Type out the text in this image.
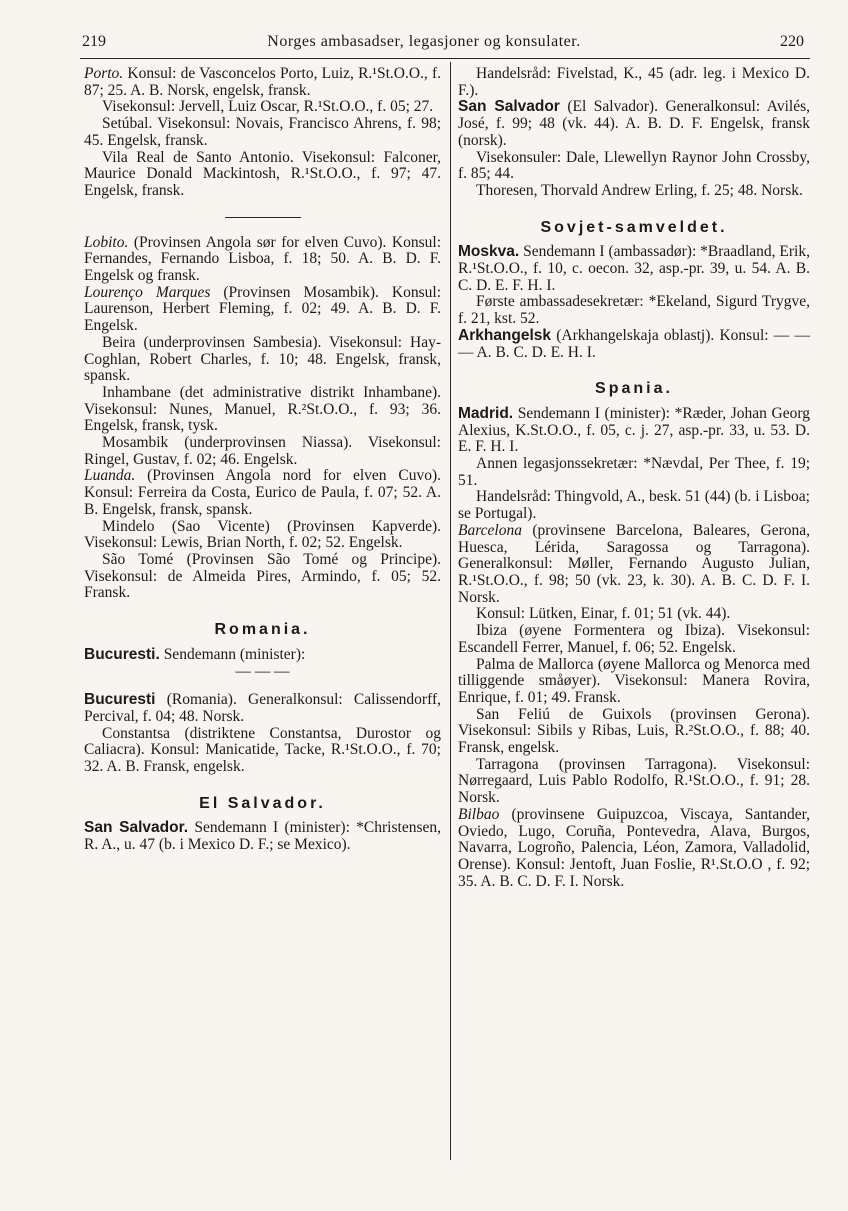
219	Norges ambasadser, legasjoner og konsulater.	220

Porto. Konsul: de Vasconcelos Porto, Luiz, R.¹St.O.O., f. 87; 25. A. B. Norsk, engelsk, fransk.

Visekonsul: Jervell, Luiz Oscar, R.¹St.O.O., f. 05; 27.

Setúbal. Visekonsul: Novais, Francisco Ahrens, f. 98; 45. Engelsk, fransk.

Vila Real de Santo Antonio. Visekonsul: Falconer, Maurice Donald Mackintosh, R.¹St.O.O., f. 97; 47. Engelsk, fransk.

Lobito. (Provinsen Angola sør for elven Cuvo). Konsul: Fernandes, Fernando Lisboa, f. 18; 50. A. B. D. F. Engelsk og fransk.

Lourenço Marques (Provinsen Mosambik). Konsul: Laurenson, Herbert Fleming, f. 02; 49. A. B. D. F. Engelsk.

Beira (underprovinsen Sambesia). Visekonsul: Hay-Coghlan, Robert Charles, f. 10; 48. Engelsk, fransk, spansk.

Inhambane (det administrative distrikt Inhambane). Visekonsul: Nunes, Manuel, R.²St.O.O., f. 93; 36. Engelsk, fransk, tysk.

Mosambik (underprovinsen Niassa). Visekonsul: Ringel, Gustav, f. 02; 46. Engelsk.

Luanda. (Provinsen Angola nord for elven Cuvo). Konsul: Ferreira da Costa, Eurico de Paula, f. 07; 52. A. B. Engelsk, fransk, spansk.

Mindelo (Sao Vicente) (Provinsen Kapverde). Visekonsul: Lewis, Brian North, f. 02; 52. Engelsk.

São Tomé (Provinsen São Tomé og Principe). Visekonsul: de Almeida Pires, Armindo, f. 05; 52. Fransk.

Romania.

Bucuresti. Sendemann (minister):

— — —

Bucuresti (Romania). Generalkonsul: Calissendorff, Percival, f. 04; 48. Norsk.

Constantsa (distriktene Constantsa, Durostor og Caliacra). Konsul: Manicatide, Tacke, R.¹St.O.O., f. 70; 32. A. B. Fransk, engelsk.

El Salvador.

San Salvador. Sendemann I (minister): *Christensen, R. A., u. 47 (b. i Mexico D. F.; se Mexico).

Handelsråd: Fivelstad, K., 45 (adr. leg. i Mexico D. F.).

San Salvador (El Salvador). Generalkonsul: Avilés, José, f. 99; 48 (vk. 44). A. B. D. F. Engelsk, fransk (norsk).

Visekonsuler: Dale, Llewellyn Raynor John Crossby, f. 85; 44.

Thoresen, Thorvald Andrew Erling, f. 25; 48. Norsk.

Sovjet-samveldet.

Moskva. Sendemann I (ambassadør): *Braadland, Erik, R.¹St.O.O., f. 10, c. oecon. 32, asp.-pr. 39, u. 54. A. B. C. D. E. F. H. I.

Første ambassadesekretær: *Ekeland, Sigurd Trygve, f. 21, kst. 52.

Arkhangelsk (Arkhangelskaja oblastj). Konsul: — — — A. B. C. D. E. H. I.

Spania.

Madrid. Sendemann I (minister): *Ræder, Johan Georg Alexius, K.St.O.O., f. 05, c. j. 27, asp.-pr. 33, u. 53. D. E. F. H. I.

Annen legasjonssekretær: *Nævdal, Per Thee, f. 19; 51.

Handelsråd: Thingvold, A., besk. 51 (44) (b. i Lisboa; se Portugal).

Barcelona (provinsene Barcelona, Baleares, Gerona, Huesca, Lérida, Saragossa og Tarragona). Generalkonsul: Møller, Fernando Augusto Julian, R.¹St.O.O., f. 98; 50 (vk. 23, k. 30). A. B. C. D. F. I. Norsk.

Konsul: Lütken, Einar, f. 01; 51 (vk. 44).

Ibiza (øyene Formentera og Ibiza). Visekonsul: Escandell Ferrer, Manuel, f. 06; 52. Engelsk.

Palma de Mallorca (øyene Mallorca og Menorca med tilliggende småøyer). Visekonsul: Manera Rovira, Enrique, f. 01; 49. Fransk.

San Feliú de Guixols (provinsen Gerona). Visekonsul: Sibils y Ribas, Luis, R.²St.O.O., f. 88; 40. Fransk, engelsk.

Tarragona (provinsen Tarragona). Visekonsul: Nørregaard, Luis Pablo Rodolfo, R.¹St.O.O., f. 91; 28. Norsk.

Bilbao (provinsene Guipuzcoa, Viscaya, Santander, Oviedo, Lugo, Coruña, Pontevedra, Alava, Burgos, Navarra, Logroño, Palencia, Léon, Zamora, Valladolid, Orense). Konsul: Jentoft, Juan Foslie, R¹.St.O.O , f. 92; 35. A. B. C. D. F. I. Norsk.
